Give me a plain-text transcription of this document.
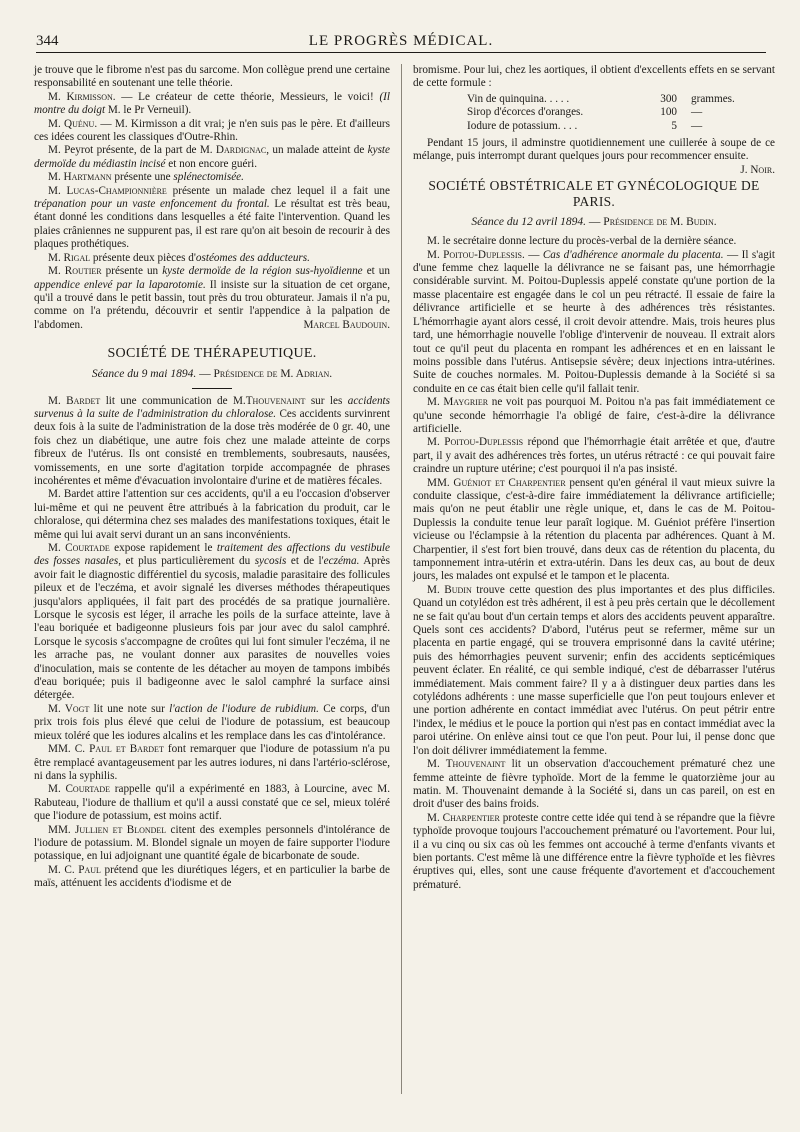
344	LE PROGRÈS MÉDICAL.

je trouve que le fibrome n'est pas du sarcome. Mon collègue prend une certaine responsabilité en soutenant une telle théorie.

M. Kirmisson. — Le créateur de cette théorie, Messieurs, le voici! (Il montre du doigt M. le Pr Verneuil).

M. Quénu. — M. Kirmisson a dit vrai; je n'en suis pas le père. Et d'ailleurs ces idées courent les classiques d'Outre-Rhin.

M. Peyrot présente, de la part de M. Dardignac, un malade atteint de kyste dermoïde du médiastin incisé et non encore guéri.

M. Hartmann présente une splénectomisée.

M. Lucas-Championnière présente un malade chez lequel il a fait une trépanation pour un vaste enfoncement du frontal. Le résultat est très beau, étant donné les conditions dans lesquelles a été faite l'intervention. Quand les plaies crâniennes ne suppurent pas, il est rare qu'on ait besoin de recourir à des plaques prothétiques.

M. Rigal présente deux pièces d'ostéomes des adducteurs.

M. Routier présente un kyste dermoïde de la région sus-hyoïdienne et un appendice enlevé par la laparotomie. Il insiste sur la situation de cet organe, qu'il a trouvé dans le petit bassin, tout près du trou obturateur. Jamais il n'a pu, comme on l'a prétendu, découvrir et sentir l'appendice à la palpation de l'abdomen.	Marcel Baudouin.

SOCIÉTÉ DE THÉRAPEUTIQUE.
Séance du 9 mai 1894. — Présidence de M. Adrian.

M. Bardet lit une communication de M.Thouvenaint sur les accidents survenus à la suite de l'administration du chloralose. Ces accidents survinrent deux fois à la suite de l'administration de la dose très modérée de 0 gr. 40, une fois chez un diabétique, une autre fois chez une malade atteinte de corps fibreux de l'utérus. Ils ont consisté en tremblements, soubresauts, nausées, vomissements, en une sorte d'agitation torpide accompagnée de phrases incohérentes et même d'évacuation involontaire d'urine et de matières fécales.

M. Bardet attire l'attention sur ces accidents, qu'il a eu l'occasion d'observer lui-même et qui ne peuvent être attribués à la fabrication du produit, car le chloralose, qui détermina chez ses malades des manifestations toxiques, était le même qui lui avait servi durant un an sans inconvénients.

M. Courtade expose rapidement le traitement des affections du vestibule des fosses nasales, et plus particulièrement du sycosis et de l'eczéma. Après avoir fait le diagnostic différentiel du sycosis, maladie parasitaire des follicules pileux et de l'eczéma, et avoir signalé les diverses méthodes thérapeutiques jusqu'alors appliquées, il fait part des procédés de sa pratique journalière. Lorsque le sycosis est léger, il arrache les poils de la surface atteinte, lave à l'eau boriquée et badigeonne plusieurs fois par jour avec du salol camphré. Lorsque le sycosis s'accompagne de croûtes qui lui font simuler l'eczéma, il ne les arrache pas, ne voulant donner aux parasites de nouvelles voies d'inoculation, mais se contente de les détacher au moyen de tampons imbibés d'eau boriquée; puis il badigeonne avec le salol camphré la surface ainsi détergée.

M. Vogt lit une note sur l'action de l'iodure de rubidium. Ce corps, d'un prix trois fois plus élevé que celui de l'iodure de potassium, est beaucoup mieux toléré que les iodures alcalins et les remplace dans les cas d'intolérance.

MM. C. Paul et Bardet font remarquer que l'iodure de potassium n'a pu être remplacé avantageusement par les autres iodures, ni dans l'artério-sclérose, ni dans la syphilis.

M. Courtade rappelle qu'il a expérimenté en 1883, à Lourcine, avec M. Rabuteau, l'iodure de thallium et qu'il a aussi constaté que ce sel, mieux toléré que l'iodure de potassium, est moins actif.

MM. Jullien et Blondel citent des exemples personnels d'intolérance de l'iodure de potassium. M. Blondel signale un moyen de faire supporter l'iodure potassique, en lui adjoignant une quantité égale de bicarbonate de soude.

M. C. Paul prétend que les diurétiques légers, et en particulier la barbe de maïs, atténuent les accidents d'iodisme et de

bromisme. Pour lui, chez les aortiques, il obtient d'excellents effets en se servant de cette formule :

Vin de quinquina. . . . .	300	grammes.
Sirop d'écorces d'oranges.	100	—
Iodure de potassium. . . .	5	—

Pendant 15 jours, il adminstre quotidiennement une cuillerée à soupe de ce mélange, puis interrompt durant quelques jours pour recommencer ensuite.
J. Noir.

SOCIÉTÉ OBSTÉTRICALE ET GYNÉCOLOGIQUE DE PARIS.
Séance du 12 avril 1894. — Présidence de M. Budin.

M. le secrétaire donne lecture du procès-verbal de la dernière séance.

M. Poitou-Duplessis. — Cas d'adhérence anormale du placenta. — Il s'agit d'une femme chez laquelle la délivrance ne se faisant pas, une hémorrhagie considérable survint. M. Poitou-Duplessis appelé constate qu'une portion de la masse placentaire est engagée dans le col un peu rétracté. Il essaie de faire la délivrance artificielle et se heurte à des adhérences très résistantes. L'hémorrhagie ayant alors cessé, il croit devoir attendre. Mais, trois heures plus tard, une hémorrhagie nouvelle l'oblige d'intervenir de nouveau. Il extrait alors tout ce qu'il peut du placenta en rompant les adhérences et en en laissant le moins possible dans l'utérus. Antisepsie sévère; deux injections intra-utérines. Suite de couches normales. M. Poitou-Duplessis demande à la Société si sa conduite en ce cas était bien celle qu'il fallait tenir.

M. Maygrier ne voit pas pourquoi M. Poitou n'a pas fait immédiatement ce qu'une seconde hémorrhagie l'a obligé de faire, c'est-à-dire la délivrance artificielle.

M. Poitou-Duplessis répond que l'hémorrhagie était arrêtée et que, d'autre part, il y avait des adhérences très fortes, un utérus rétracté : ce qui pouvait faire craindre un rupture utérine; c'est pourquoi il n'a pas insisté.

MM. Guéniot et Charpentier pensent qu'en général il vaut mieux suivre la conduite classique, c'est-à-dire faire immédiatement la délivrance artificielle; mais qu'on ne peut établir une règle unique, et, dans le cas de M. Poitou-Duplessis la conduite tenue leur paraît logique. M. Guéniot préfère l'insertion vicieuse ou l'éclampsie à la rétention du placenta par adhérences. Quant à M. Charpentier, il s'est fort bien trouvé, dans deux cas de rétention du placenta, du tamponnement intra-utérin et extra-utérin. Dans les deux cas, au bout de deux jours, les malades ont expulsé et le tampon et le placenta.

M. Budin trouve cette question des plus importantes et des plus difficiles. Quand un cotylédon est très adhérent, il est à peu près certain que le décollement ne se fait qu'au bout d'un certain temps et alors des accidents peuvent apparaître. Quels sont ces accidents? D'abord, l'utérus peut se refermer, même sur un placenta en partie engagé, qui se trouvera emprisonné dans la cavité utérine; puis des hémorrhagies peuvent survenir; enfin des accidents septicémiques peuvent éclater. En réalité, ce qui semble indiqué, c'est de débarrasser l'utérus immédiatement. Mais comment faire? Il y a à distinguer deux parties dans les cotylédons adhérents : une masse superficielle que l'on peut toujours enlever et une portion adhérente en contact immédiat avec l'utérus. On peut pétrir entre l'index, le médius et le pouce la portion qui n'est pas en contact immédiat avec la paroi utérine. On enlève ainsi tout ce que l'on peut. Pour lui, il pense donc que l'on doit délivrer immédiatement la femme.

M. Thouvenaint lit un observation d'accouchement prématuré chez une femme atteinte de fièvre typhoïde. Mort de la femme le quatorzième jour au matin. M. Thouvenaint demande à la Société si, dans un cas pareil, on est en droit d'user des bains froids.

M. Charpentier proteste contre cette idée qui tend à se répandre que la fièvre typhoïde provoque toujours l'accouchement prématuré ou l'avortement. Pour lui, il a vu cinq ou six cas où les femmes ont accouché à terme d'enfants vivants et bien portants. C'est même là une différence entre la fièvre typhoïde et les fièvres éruptives qui, elles, sont une cause fréquente d'avortement et d'accouchement prématuré.
